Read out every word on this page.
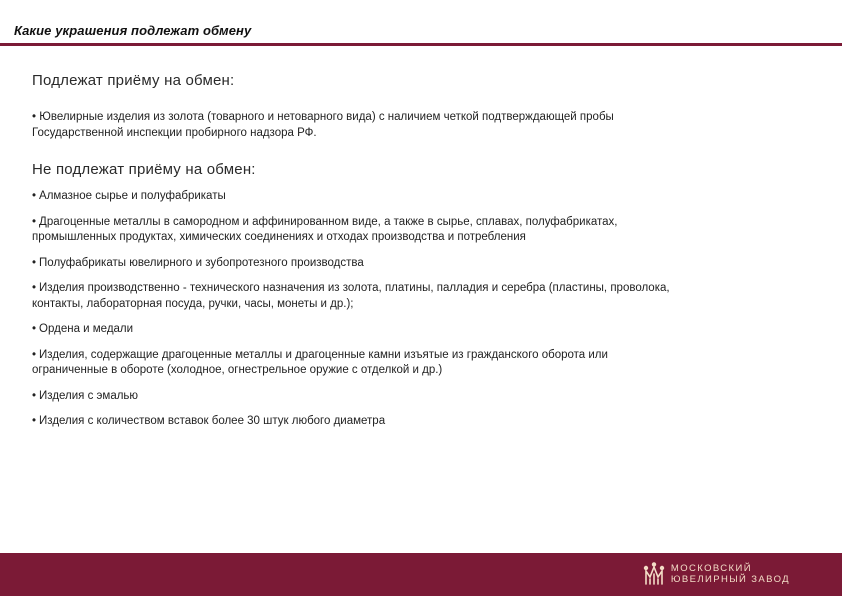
Какие украшения подлежат обмену
Подлежат приёму на обмен:
• Ювелирные изделия из золота (товарного и нетоварного вида) с наличием четкой подтверждающей пробы Государственной инспекции пробирного надзора РФ.
Не подлежат приёму на обмен:
• Алмазное сырье и полуфабрикаты
• Драгоценные металлы в самородном и аффинированном виде, а также в сырье, сплавах, полуфабрикатах, промышленных продуктах, химических соединениях и отходах производства и потребления
• Полуфабрикаты ювелирного и зубопротезного производства
• Изделия производственно - технического назначения из золота, платины, палладия и серебра (пластины, проволока, контакты, лабораторная посуда, ручки, часы, монеты и др.);
• Ордена и медали
• Изделия, содержащие драгоценные металлы и драгоценные камни изъятые из гражданского оборота или ограниченные в обороте (холодное, огнестрельное оружие с отделкой и др.)
• Изделия с эмалью
• Изделия с количеством вставок более 30 штук любого диаметра
МОСКОВСКИЙ
ЮВЕЛИРНЫЙ ЗАВОД
